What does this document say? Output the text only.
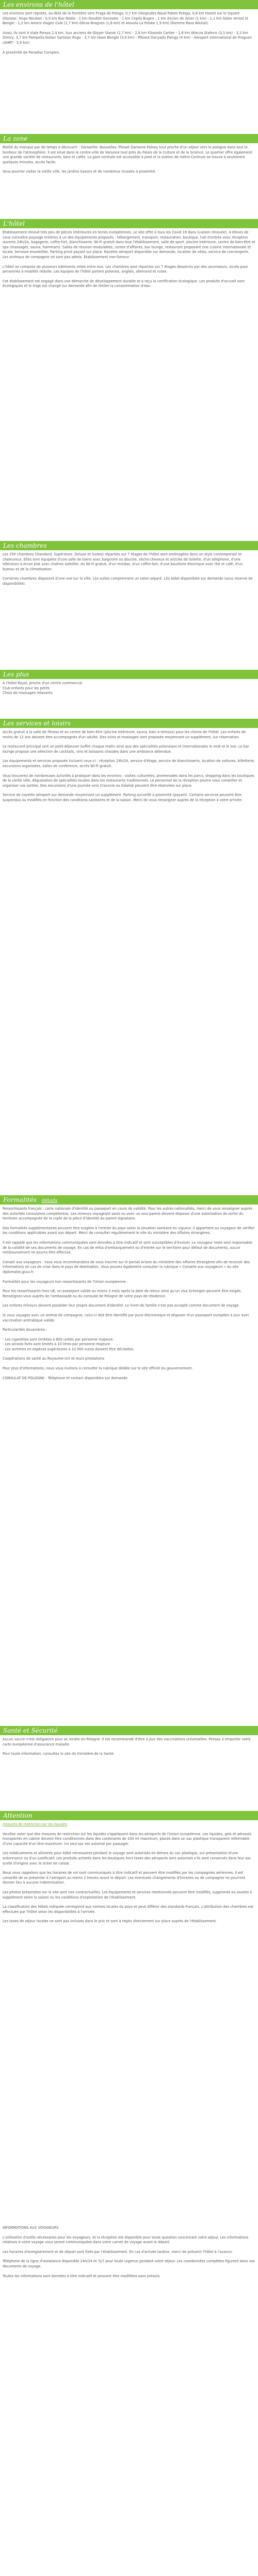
Les environs de l'hôtel

Les environs sont réputés, au-delà de la frontière vers Praga de Pologa, 0,7 km (Hospudes Naud Pabeo Pologa, 0,8 km Hostel sur le Square Olszatar, Hugo Noubiel - 0,9 km Rue Noble - 1 km Doudlet Gonzales - 1 km Cepilo Bugen - 1 km Ancien de Amer (1 km) - 1,1 km Sister Atriod St Bengle - 1,2 km Amers Viagen Cole (1,7 km) Obras Bragnes (1,8 km) et Alovola La Polske 1,9 km) (Ramme Rosa Nikolai).

Aussi, ils sont à Viale Porsza 2,4 km. Aux anciens de Gloyer Slansk (2,7 km) - 2,8 km Kilosoda Cartier - 1,8 km Wiecza Stafeno (3,5 km) - 3,3 km Dolory, 3,7 km Pampelia Kodan Sartalan Rugo - 3,7 km Hoan Bengle (3,9 km) - Plbiant Danyadu Paingy (4 km) - Aéroport International de Praguen (AHRT - 5,9 km)

À proximité de Paradise Complex.

La zone

Moitié du manque par de temps à découvrir - Damarille: Nouvelles: Plinset Dansone Polney tout proche d'un séjour vers le pologne dans tout le bonheur de l'atmosphère. Il est situé dans le centre-ville de Varsovie tout près du Palais de la Culture et de la Science. Le quartier offre également une grande variété de restaurants, bars et cafés. La gare centrale est accessible à pied et la station de métro Centrum se trouve à seulement quelques minutes. Accès facile.

Vous pourrez visiter la vieille ville, les jardins Saxons et de nombreux musées à proximité.

L'hôtel

Établissement rénové très peu de pièces intérieures en terres européennes. Le site offre à tous les Covid 19 dans (Liaison rénovée). 4 élèves de vous connaître paysage entières à un des équipements proposés : hébergement, transport, restauration, boutique, hall d'entrée avec réception ouverte 24h/24, bagagerie, coffre-fort, blanchisserie, Wi-Fi gratuit dans tout l'établissement, salle de sport, piscine intérieure, centre de bien-être et spa (massages, sauna, hammam). Salles de réunion modulables, centre d'affaires, bar lounge, restaurant proposant une cuisine internationale et locale, terrasse ensoleillée. Parking privé payant sur place. Navette aéroport disponible sur demande, location de vélos, service de conciergerie. Les animaux de compagnie ne sont pas admis. Établissement non-fumeur.

L'hôtel se compose de plusieurs bâtiments reliés entre eux. Les chambres sont réparties sur 7 étages desservis par des ascenseurs. Accès pour personnes à mobilité réduite. Les équipes de l'hôtel parlent polonais, anglais, allemand et russe.

Cet établissement est engagé dans une démarche de développement durable et a reçu la certification écologique. Les produits d'accueil sont écologiques et le linge est changé sur demande afin de limiter la consommation d'eau.

Les chambres

Les 250 chambres (Standard, Supérieure, Deluxe et Suites) réparties sur 7 étages de l'hôtel sont aménagées dans un style contemporain et chaleureux. Elles sont équipées d'une salle de bains avec baignoire ou douche, sèche-cheveux et articles de toilette, d'un téléphone, d'une télévision à écran plat avec chaînes satellite, du Wi-Fi gratuit, d'un minibar, d'un coffre-fort, d'une bouilloire électrique avec thé et café, d'un bureau et de la climatisation.

Certaines chambres disposent d'une vue sur la ville. Les suites comprennent un salon séparé. Lits bébé disponibles sur demande (sous réserve de disponibilité).

Les plus

À l'hôtel Royal, proche d'un centre commercial

Club enfants pour les petits

Choix de massages relaxants

Les services et loisirs

Accès gratuit à la salle de fitness et au centre de bien-être (piscine intérieure, sauna, bain à remous) pour les clients de l'hôtel. Les enfants de moins de 12 ans doivent être accompagnés d'un adulte. Des soins et massages sont proposés moyennant un supplément, sur réservation.

Le restaurant principal sert un petit-déjeuner buffet chaque matin ainsi que des spécialités polonaises et internationales le midi et le soir. Le bar lounge propose une sélection de cocktails, vins et boissons chaudes dans une ambiance détendue.

Les équipements et services proposés incluent ceux-ci : réception 24h/24, service d'étage, service de blanchisserie, location de voitures, billetterie, excursions organisées, salles de conférence, accès Wi-Fi gratuit.

Vous trouverez de nombreuses activités à pratiquer dans les environs : visites culturelles, promenades dans les parcs, shopping dans les boutiques de la vieille ville, dégustation de spécialités locales dans les restaurants traditionnels. Le personnel de la réception pourra vous conseiller et organiser vos sorties. Des excursions d'une journée vers Cracovie ou Gdańsk peuvent être réservées sur place.

Service de navette aéroport sur demande moyennant un supplément. Parking surveillé à proximité (payant). Certains services peuvent être suspendus ou modifiés en fonction des conditions sanitaires et de la saison. Merci de vous renseigner auprès de la réception à votre arrivée.

Formalités détails

Ressortissants français : carte nationale d'identité ou passeport en cours de validité. Pour les autres nationalités, merci de vous renseigner auprès des autorités consulaires compétentes. Les mineurs voyageant seuls ou avec un seul parent doivent disposer d'une autorisation de sortie du territoire accompagnée de la copie de la pièce d'identité du parent signataire.

Des formalités supplémentaires peuvent être exigées à l'entrée du pays selon la situation sanitaire en vigueur. Il appartient au voyageur de vérifier les conditions applicables avant son départ. Merci de consulter régulièrement le site du ministère des Affaires étrangères.

Il est rappelé que les informations communiquées sont données à titre indicatif et sont susceptibles d'évoluer. Le voyageur reste seul responsable de la validité de ses documents de voyage. En cas de refus d'embarquement ou d'entrée sur le territoire pour défaut de documents, aucun remboursement ne pourra être effectué.

Conseil aux voyageurs : nous vous recommandons de vous inscrire sur le portail Ariane du ministère des Affaires étrangères afin de recevoir des informations en cas de crise dans le pays de destination. Vous pouvez également consulter la rubrique « Conseils aux voyageurs » du site diplomatie.gouv.fr.

Formalités pour les voyageurs non ressortissants de l'Union européenne :

Pour les ressortissants hors UE, un passeport valide au moins 3 mois après la date de retour ainsi qu'un visa Schengen peuvent être exigés. Renseignez-vous auprès de l'ambassade ou du consulat de Pologne de votre pays de résidence.

Les enfants mineurs doivent posséder leur propre document d'identité. Le livret de famille n'est pas accepté comme document de voyage.

Si vous voyagez avec un animal de compagnie, celui-ci doit être identifié par puce électronique et disposer d'un passeport européen à jour avec vaccination antirabique valide.

Particularités douanières :

- Les cigarettes sont limitées à 800 unités par personne majeure.

- Les alcools forts sont limités à 10 litres par personne majeure.

- Les sommes en espèces supérieures à 10 000 euros doivent être déclarées.

Coopérations de santé au Royaume-Uni et leurs prestations

Pour plus d'informations, nous vous invitons à consulter la rubrique dédiée sur le site officiel du gouvernement.

CONSULAT DE POLOGNE - Téléphone et contact disponibles sur demande.

Santé et Sécurité

Aucun vaccin n'est obligatoire pour se rendre en Pologne. Il est recommandé d'être à jour des vaccinations universelles. Pensez à emporter votre carte européenne d'assurance maladie.

Pour toute information, consultez le site du ministère de la Santé.

Attention

mesures de restriction sur les liquides

Veuillez noter que des mesures de restriction sur les liquides s'appliquent dans les aéroports de l'Union européenne. Les liquides, gels et aérosols transportés en cabine doivent être conditionnés dans des contenants de 100 ml maximum, placés dans un sac plastique transparent refermable d'une capacité d'un litre maximum. Un seul sac est autorisé par passager.

Les médicaments et aliments pour bébé nécessaires pendant le voyage sont autorisés en dehors du sac plastique, sur présentation d'une ordonnance ou d'un justificatif. Les produits achetés dans les boutiques hors taxes des aéroports sont autorisés s'ils sont conservés dans leur sac scellé d'origine avec le ticket de caisse.

Nous vous rappelons que les horaires de vol sont communiqués à titre indicatif et peuvent être modifiés par les compagnies aériennes. Il est conseillé de se présenter à l'aéroport au moins 2 heures avant le départ. Les éventuels changements d'horaires ou de compagnie ne pourront donner lieu à aucune indemnisation.

Les photos présentées sur le site sont non contractuelles. Les équipements et services mentionnés peuvent être modifiés, supprimés ou soumis à supplément selon la saison ou les conditions d'exploitation de l'établissement.

La classification des hôtels indiquée correspond aux normes locales du pays et peut différer des standards français. L'attribution des chambres est effectuée par l'hôtel selon les disponibilités à l'arrivée.

Les taxes de séjour locales ne sont pas incluses dans le prix et sont à régler directement sur place auprès de l'établissement.

INFORMATIONS AUX VOYAGEURS

L'utilisation d'outils nécessaires pour les voyageurs, et la réception est disponible pour toute question concernant votre séjour. Les informations relatives à votre voyage vous seront communiquées dans votre carnet de voyage avant le départ.

Les horaires d'enregistrement et de départ sont fixés par l'établissement. En cas d'arrivée tardive, merci de prévenir l'hôtel à l'avance.

Téléphone de la ligne d'assistance disponible 24h/24 et 7j/7 pour toute urgence pendant votre séjour. Les coordonnées complètes figurent dans vos documents de voyage.

Toutes les informations sont données à titre indicatif et peuvent être modifiées sans préavis.
